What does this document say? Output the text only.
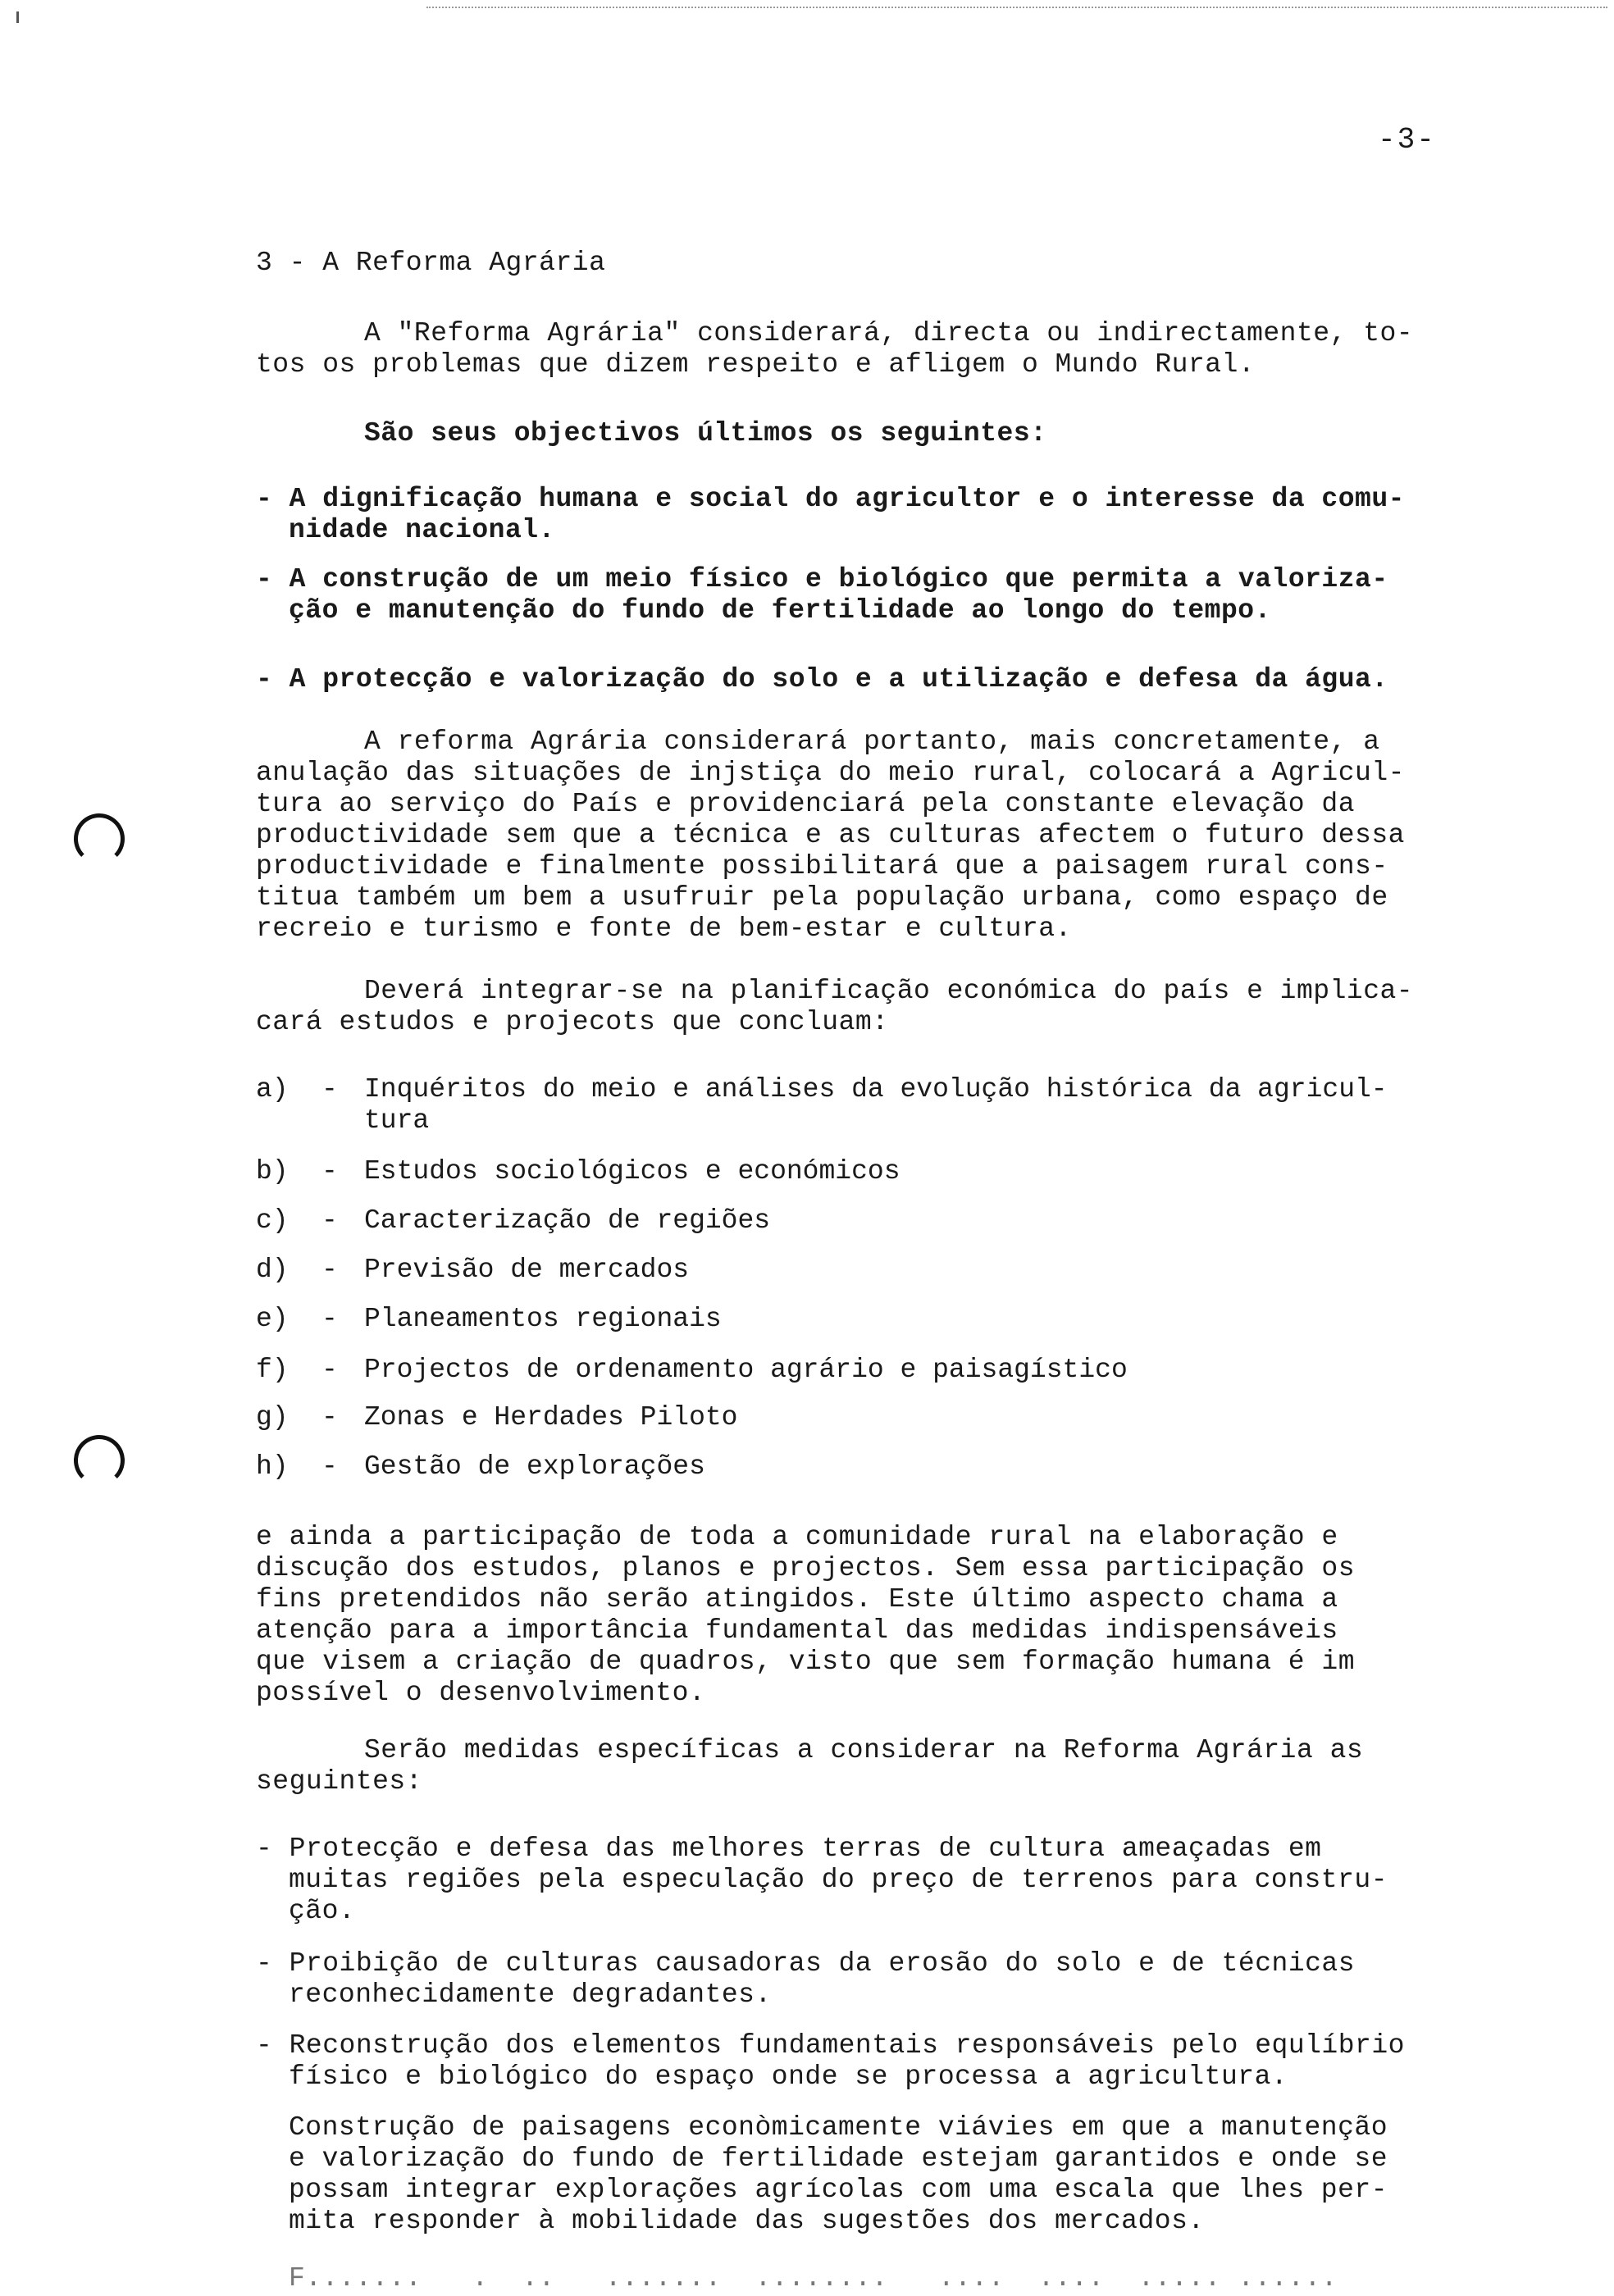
-3-
3 - A Reforma Agrária
A "Reforma Agrária" considerará, directa ou indirectamente, to-
tos os problemas que dizem respeito e afligem o Mundo Rural.
São seus objectivos últimos os seguintes:
- A dignificação humana e social do agricultor e o interesse da comu-
nidade nacional.
- A construção de um meio físico e biológico que permita a valoriza-
ção e manutenção do fundo de fertilidade ao longo do tempo.
- A protecção e valorização do solo e a utilização e defesa da água.
A reforma Agrária considerará portanto, mais concretamente, a
anulação das situações de injstiça do meio rural, colocará a Agricul-
tura ao serviço do País e providenciará pela constante elevação da
productividade sem que a técnica e as culturas afectem o futuro dessa
productividade e finalmente possibilitará que a paisagem rural cons-
titua também um bem a usufruir pela população urbana, como espaço de
recreio e turismo e fonte de bem-estar e cultura.
Deverá integrar-se na planificação económica do país e implica-
cará estudos e projecots que concluam:
a)	- Inquéritos do meio e análises da evolução histórica da agricul-
tura
b)	- Estudos sociológicos e económicos
c)	- Caracterização de regiões
d)	- Previsão de mercados
e)	- Planeamentos regionais
f)	- Projectos de ordenamento agrário e paisagístico
g)	- Zonas e Herdades Piloto
h)	- Gestão de explorações
e ainda a participação de toda a comunidade rural na elaboração e
discução dos estudos, planos e projectos. Sem essa participação os
fins pretendidos não serão atingidos. Este último aspecto chama a
atenção para a importância fundamental das medidas indispensáveis
que visem a criação de quadros, visto que sem formação humana é im
possível o desenvolvimento.
Serão medidas específicas a considerar na Reforma Agrária as
seguintes:
- Protecção e defesa das melhores terras de cultura ameaçadas em
muitas regiões pela especulação do preço de terrenos para constru-
ção.
- Proibição de culturas causadoras da erosão do solo e de técnicas
reconhecidamente degradantes.
- Reconstrução dos elementos fundamentais responsáveis pelo equlíbrio
físico e biológico do espaço onde se processa a agricultura.
Construção de paisagens econòmicamente viávies em que a manutenção
e valorização do fundo de fertilidade estejam garantidos e onde se
possam integrar explorações agrícolas com uma escala que lhes per-
mita responder à mobilidade das sugestões dos mercados.
F.......   .  ..   .......  ........   ....  ....  ..... ......
